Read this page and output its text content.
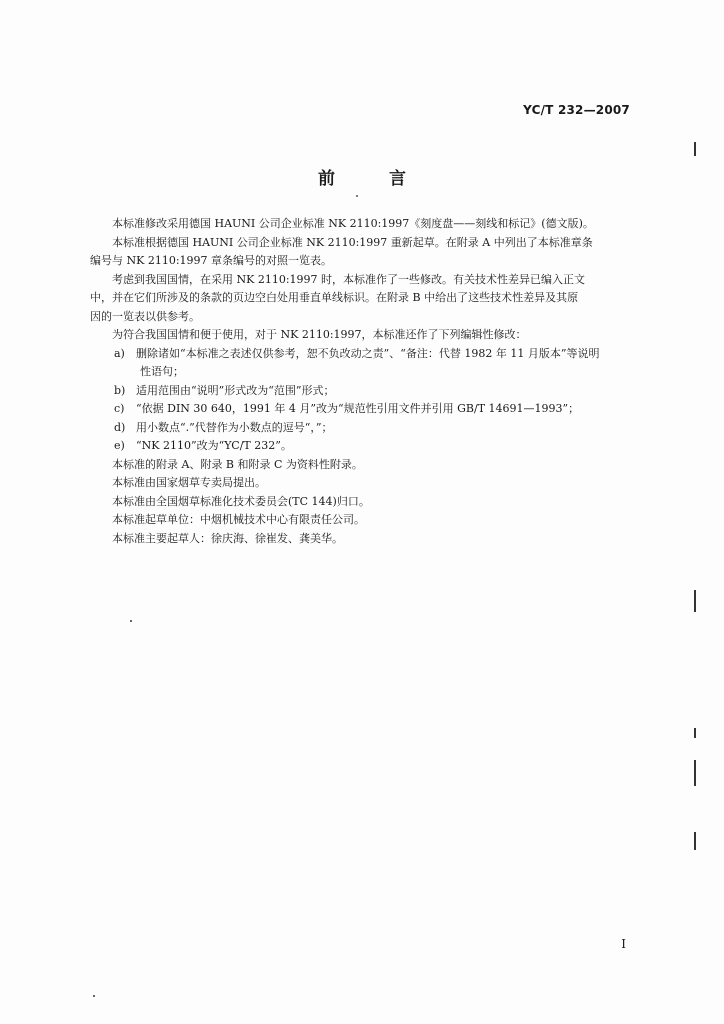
YC/T 232—2007
前 言

本标准修改采用德国 HAUNI 公司企业标准 NK 2110:1997《刻度盘——刻线和标记》(德文版)。

本标准根据德国 HAUNI 公司企业标准 NK 2110:1997 重新起草。在附录 A 中列出了本标准章条

编号与 NK 2110:1997 章条编号的对照一览表。

考虑到我国国情，在采用 NK 2110:1997 时，本标准作了一些修改。有关技术性差异已编入正文

中，并在它们所涉及的条款的页边空白处用垂直单线标识。在附录 B 中给出了这些技术性差异及其原

因的一览表以供参考。

为符合我国国情和便于使用，对于 NK 2110:1997，本标准还作了下列编辑性修改：

a)	删除诸如“本标准之表述仅供参考，恕不负改动之责”、“备注：代替 1982 年 11 月版本”等说明
性语句；
b) 适用范围由“说明”形式改为“范围”形式；
c)	“依据 DIN 30 640，1991 年 4 月”改为“规范性引用文件并引用 GB/T 14691—1993”；
d) 用小数点“.”代替作为小数点的逗号“，”；
e)	“NK 2110”改为“YC/T 232”。

本标准的附录 A、附录 B 和附录 C 为资料性附录。

本标准由国家烟草专卖局提出。

本标准由全国烟草标准化技术委员会(TC 144)归口。

本标准起草单位：中烟机械技术中心有限责任公司。

本标准主要起草人：徐庆海、徐崔发、龚美华。

I
